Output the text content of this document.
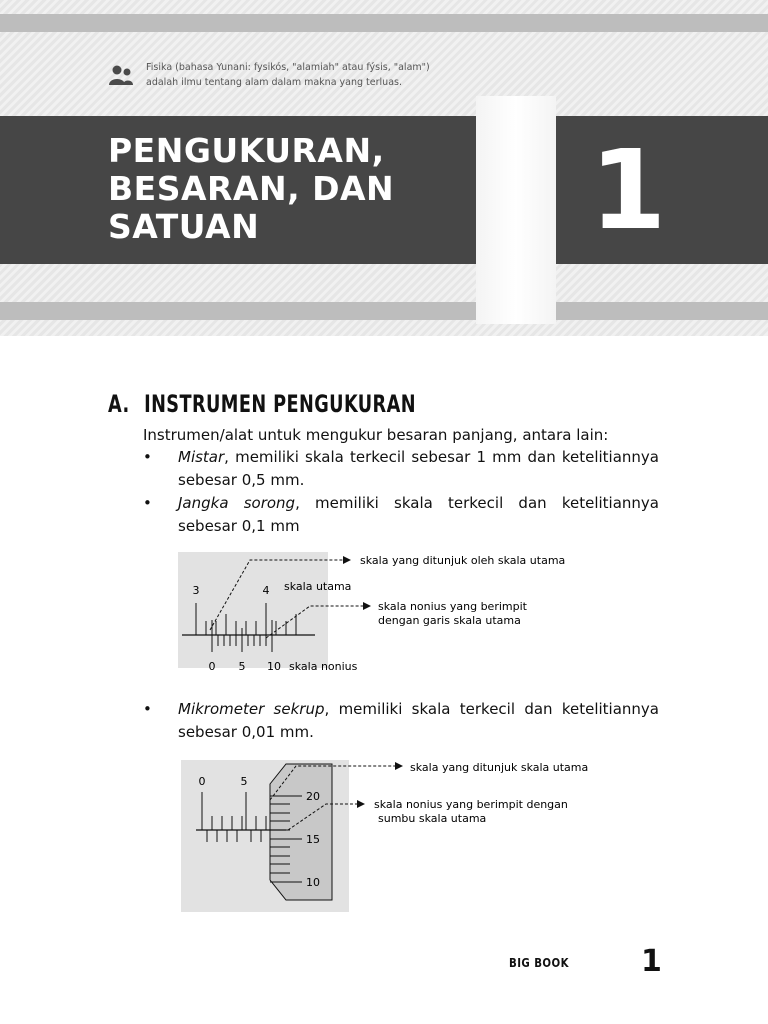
Fisika (bahasa Yunani: fysikós, "alamiah" atau fýsis, "alam") adalah ilmu tentang alam dalam makna yang terluas.
PENGUKURAN,
BESARAN, DAN
SATUAN	1
A. INSTRUMEN PENGUKURAN
Instrumen/alat untuk mengukur besaran panjang, antara lain:
• Mistar, memiliki skala terkecil sebesar 1 mm dan ketelitiannya sebesar 0,5 mm.
• Jangka sorong, memiliki skala terkecil dan ketelitiannya sebesar 0,1 mm
3	4 skala utama
0 5 10 skala nonius
skala yang ditunjuk oleh skala utama
skala nonius yang berimpit
dengan garis skala utama
• Mikrometer sekrup, memiliki skala terkecil dan ketelitiannya sebesar 0,01 mm.
0	5
20
15
10
skala yang ditunjuk skala utama
skala nonius yang berimpit dengan
sumbu skala utama
BIG BOOK 1
